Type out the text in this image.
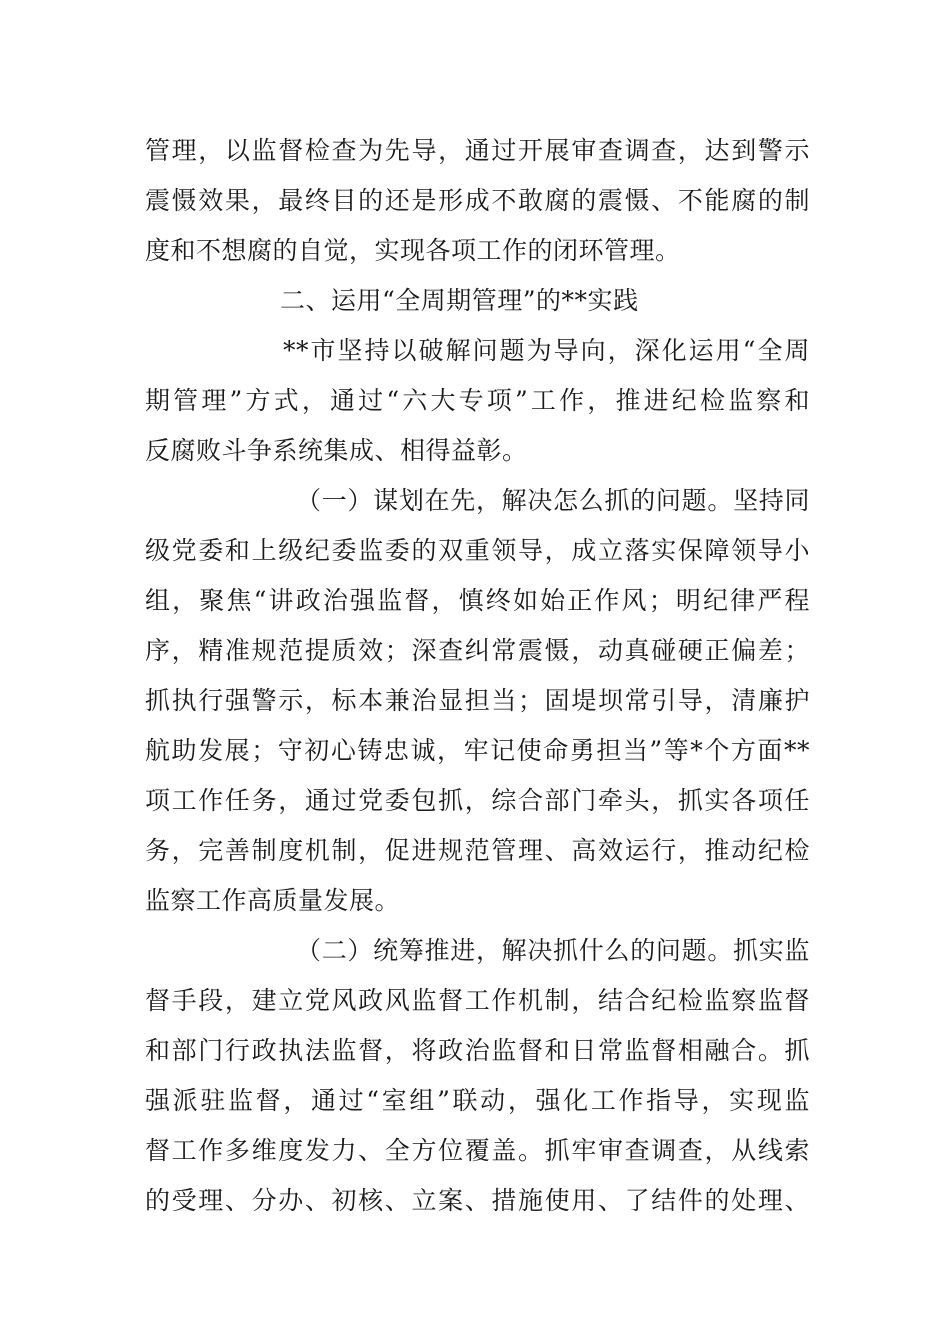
管理，以监督检查为先导，通过开展审查调查，达到警示
震慑效果，最终目的还是形成不敢腐的震慑、不能腐的制
度和不想腐的自觉，实现各项工作的闭环管理。
二、运用“全周期管理”的**实践
**市坚持以破解问题为导向，深化运用“全周
期管理”方式，通过“六大专项”工作，推进纪检监察和
反腐败斗争系统集成、相得益彰。
（一）谋划在先，解决怎么抓的问题。坚持同
级党委和上级纪委监委的双重领导，成立落实保障领导小
组，聚焦“讲政治强监督，慎终如始正作风；明纪律严程
序，精准规范提质效；深查纠常震慑，动真碰硬正偏差；
抓执行强警示，标本兼治显担当；固堤坝常引导，清廉护
航助发展；守初心铸忠诚，牢记使命勇担当”等*个方面**
项工作任务，通过党委包抓，综合部门牵头，抓实各项任
务，完善制度机制，促进规范管理、高效运行，推动纪检
监察工作高质量发展。
（二）统筹推进，解决抓什么的问题。抓实监
督手段，建立党风政风监督工作机制，结合纪检监察监督
和部门行政执法监督，将政治监督和日常监督相融合。抓
强派驻监督，通过“室组”联动，强化工作指导，实现监
督工作多维度发力、全方位覆盖。抓牢审查调查，从线索
的受理、分办、初核、立案、措施使用、了结件的处理、
